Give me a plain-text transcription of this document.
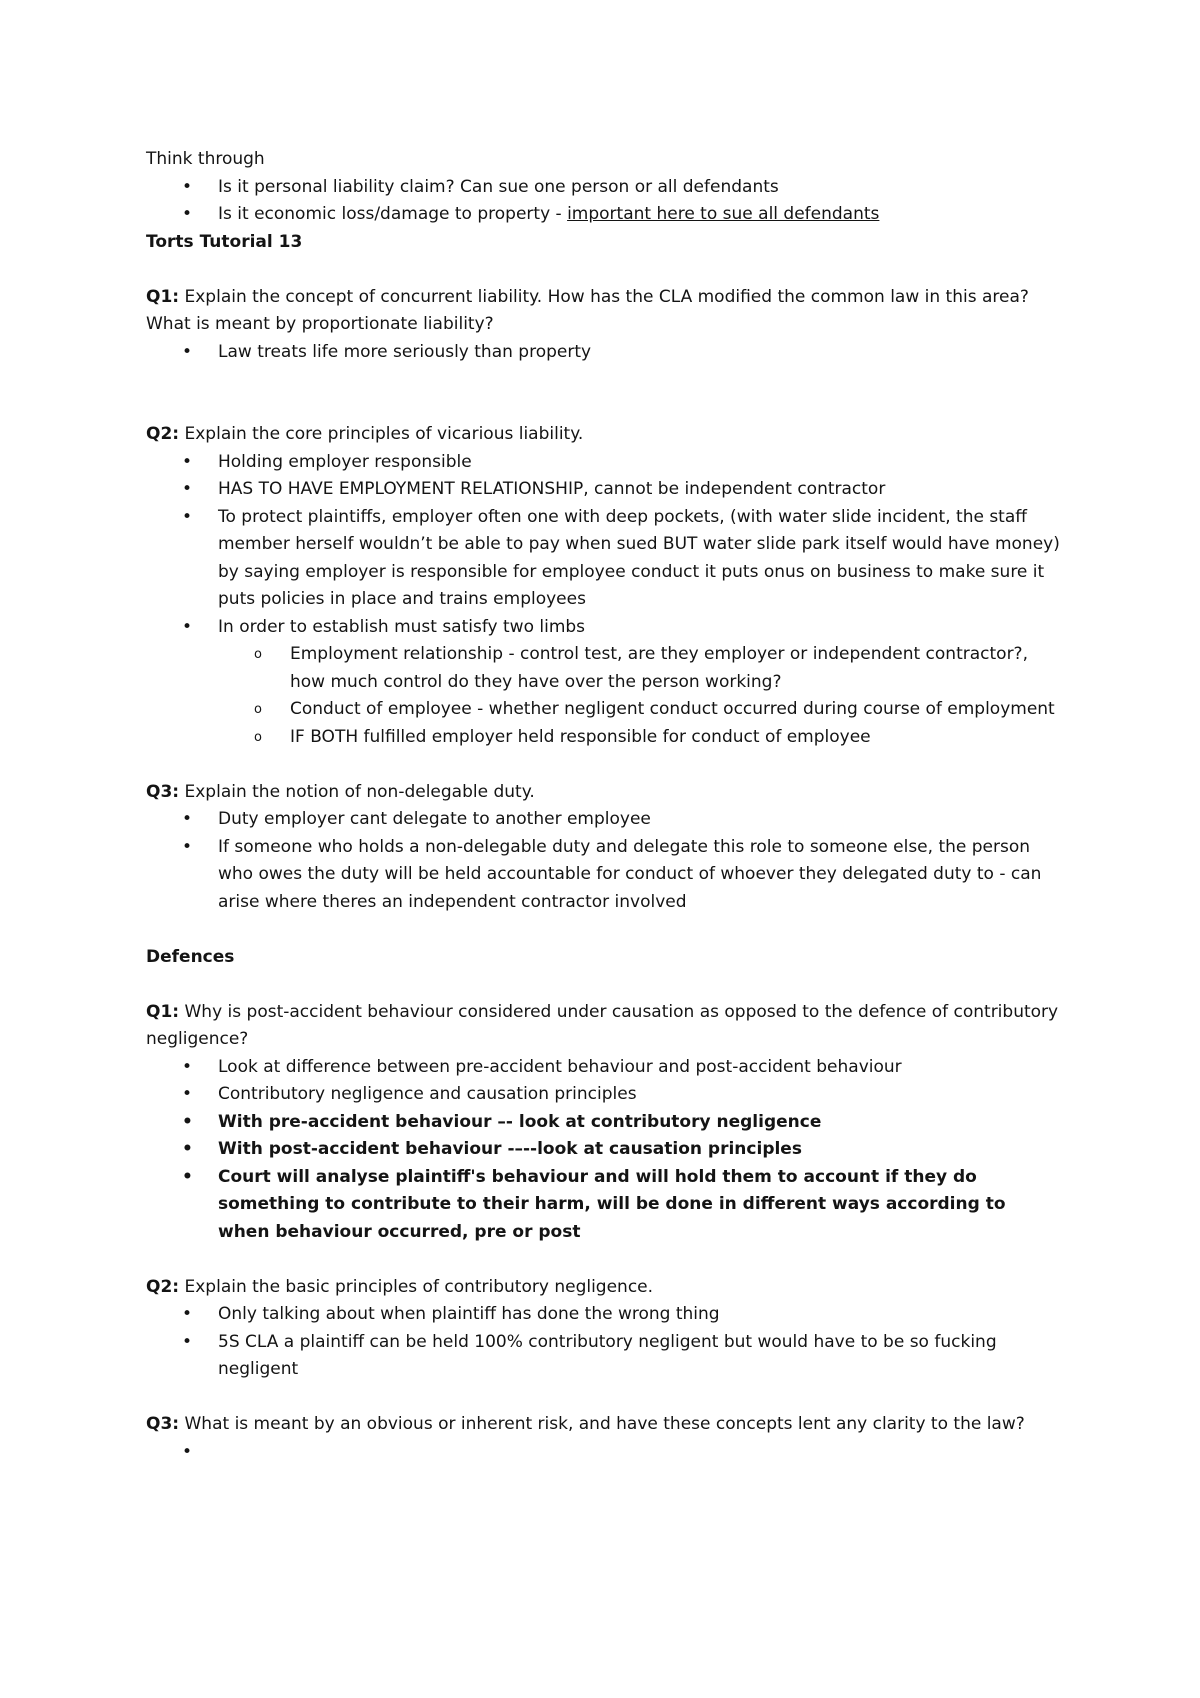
Think through

• Is it personal liability claim? Can sue one person or all defendants
• Is it economic loss/damage to property - important here to sue all defendants

Torts Tutorial 13

Q1: Explain the concept of concurrent liability. How has the CLA modified the common law in this area? What is meant by proportionate liability?

• Law treats life more seriously than property

Q2: Explain the core principles of vicarious liability.

• Holding employer responsible
• HAS TO HAVE EMPLOYMENT RELATIONSHIP, cannot be independent contractor
• To protect plaintiffs, employer often one with deep pockets, (with water slide incident, the staff member herself wouldn’t be able to pay when sued BUT water slide park itself would have money) by saying employer is responsible for employee conduct it puts onus on business to make sure it puts policies in place and trains employees
• In order to establish must satisfy two limbs
o Employment relationship - control test, are they employer or independent contractor?, how much control do they have over the person working?
o Conduct of employee - whether negligent conduct occurred during course of employment
o IF BOTH fulfilled employer held responsible for conduct of employee

Q3: Explain the notion of non-delegable duty.

• Duty employer cant delegate to another employee
• If someone who holds a non-delegable duty and delegate this role to someone else, the person who owes the duty will be held accountable for conduct of whoever they delegated duty to - can arise where theres an independent contractor involved

Defences

Q1: Why is post-accident behaviour considered under causation as opposed to the defence of contributory negligence?

• Look at difference between pre-accident behaviour and post-accident behaviour
• Contributory negligence and causation principles
• With pre-accident behaviour –- look at contributory negligence
• With post-accident behaviour -–--look at causation principles
• Court will analyse plaintiff's behaviour and will hold them to account if they do something to contribute to their harm, will be done in different ways according to when behaviour occurred, pre or post

Q2: Explain the basic principles of contributory negligence.

• Only talking about when plaintiff has done the wrong thing
• 5S CLA a plaintiff can be held 100% contributory negligent but would have to be so fucking negligent

Q3: What is meant by an obvious or inherent risk, and have these concepts lent any clarity to the law?

•
